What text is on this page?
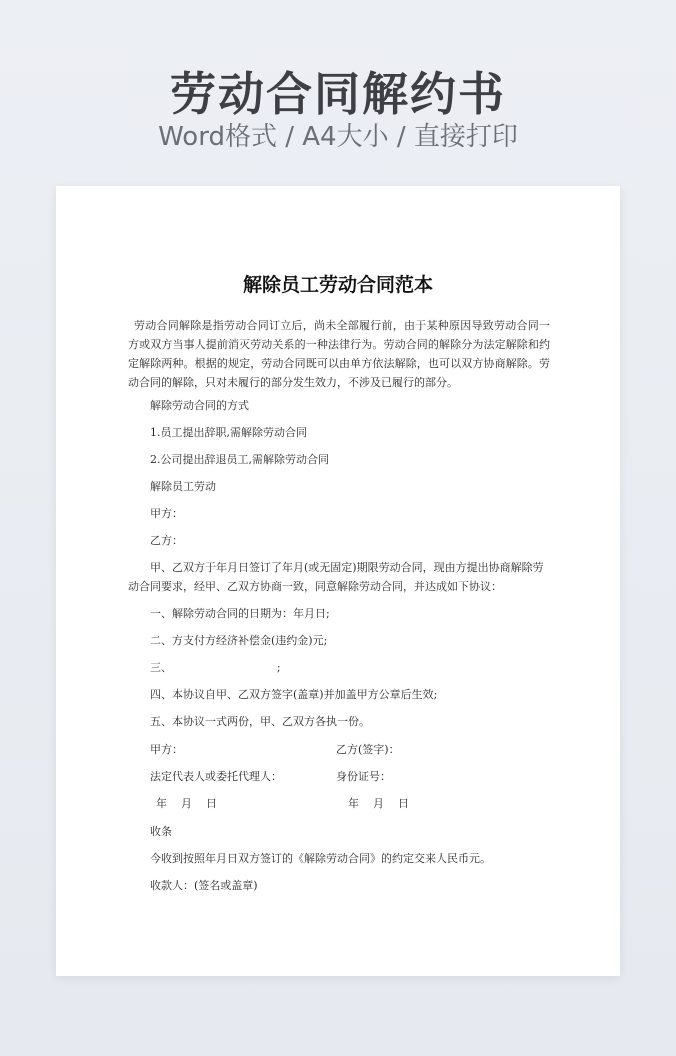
劳动合同解约书
Word格式 / A4大小 / 直接打印
解除员工劳动合同范本

劳动合同解除是指劳动合同订立后，尚未全部履行前，由于某种原因导致劳动合同一方或双方当事人提前消灭劳动关系的一种法律行为。劳动合同的解除分为法定解除和约定解除两种。根据的规定，劳动合同既可以由单方依法解除，也可以双方协商解除。劳动合同的解除，只对未履行的部分发生效力，不涉及已履行的部分。

解除劳动合同的方式
1.员工提出辞职,需解除劳动合同
2.公司提出辞退员工,需解除劳动合同
解除员工劳动
甲方：
乙方：

甲、乙双方于年月日签订了年月(或无固定)期限劳动合同，现由方提出协商解除劳动合同要求，经甲、乙双方协商一致，同意解除劳动合同，并达成如下协议：

一、解除劳动合同的日期为：年月日;
二、方支付方经济补偿金(违约金)元;
三、                              ;
四、本协议自甲、乙双方签字(盖章)并加盖甲方公章后生效;
五、本协议一式两份，甲、乙双方各执一份。
甲方：	乙方(签字)：
法定代表人或委托代理人：	身份证号：
年    月    日	年    月    日
收条
今收到按照年月日双方签订的《解除劳动合同》的约定交来人民币元。
收款人：(签名或盖章)
